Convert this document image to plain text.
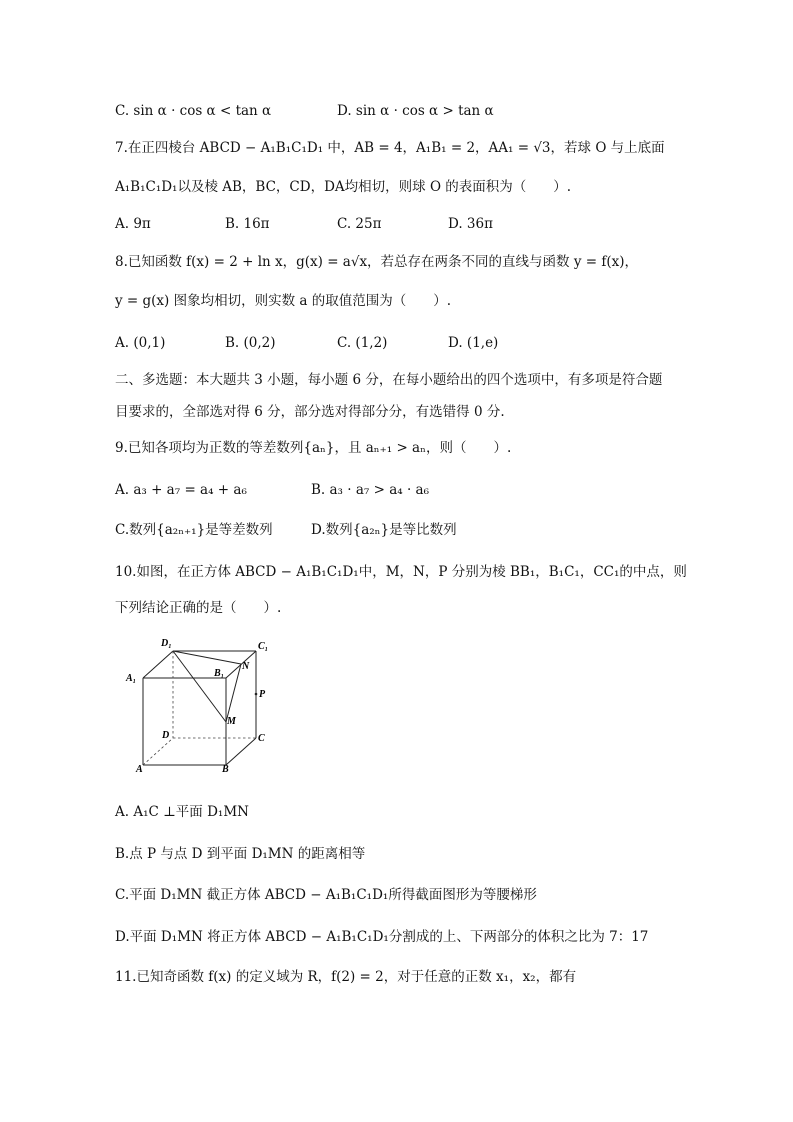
C. sin α · cos α < tan α	D. sin α · cos α > tan α
7.在正四棱台 ABCD − A₁B₁C₁D₁ 中，AB = 4，A₁B₁ = 2，AA₁ = √3，若球 O 与上底面
A₁B₁C₁D₁以及棱 AB，BC，CD，DA均相切，则球 O 的表面积为（　　）.
A. 9π	B. 16π	C. 25π	D. 36π
8.已知函数 f(x) = 2 + ln x，g(x) = a√x，若总存在两条不同的直线与函数 y = f(x)，
y = g(x) 图象均相切，则实数 a 的取值范围为（　　）.
A. (0,1)	B. (0,2)	C. (1,2)	D. (1,e)
二、多选题：本大题共 3 小题，每小题 6 分，在每小题给出的四个选项中，有多项是符合题
目要求的，全部选对得 6 分，部分选对得部分分，有选错得 0 分.
9.已知各项均为正数的等差数列{aₙ}，且 aₙ₊₁ > aₙ，则（　　）.
A. a₃ + a₇ = a₄ + a₆	B. a₃ · a₇ > a₄ · a₆
C.数列{a₂ₙ₊₁}是等差数列	D.数列{a₂ₙ}是等比数列
10.如图，在正方体 ABCD − A₁B₁C₁D₁中，M，N，P 分别为棱 BB₁，B₁C₁，CC₁的中点，则
下列结论正确的是（　　）.
D₁	C₁
A₁	B₁
N
P
M
D	C
A	B
A. A₁C ⊥平面 D₁MN
B.点 P 与点 D 到平面 D₁MN 的距离相等
C.平面 D₁MN 截正方体 ABCD − A₁B₁C₁D₁所得截面图形为等腰梯形
D.平面 D₁MN 将正方体 ABCD − A₁B₁C₁D₁分割成的上、下两部分的体积之比为 7：17
11.已知奇函数 f(x) 的定义域为 R，f(2) = 2，对于任意的正数 x₁，x₂，都有
